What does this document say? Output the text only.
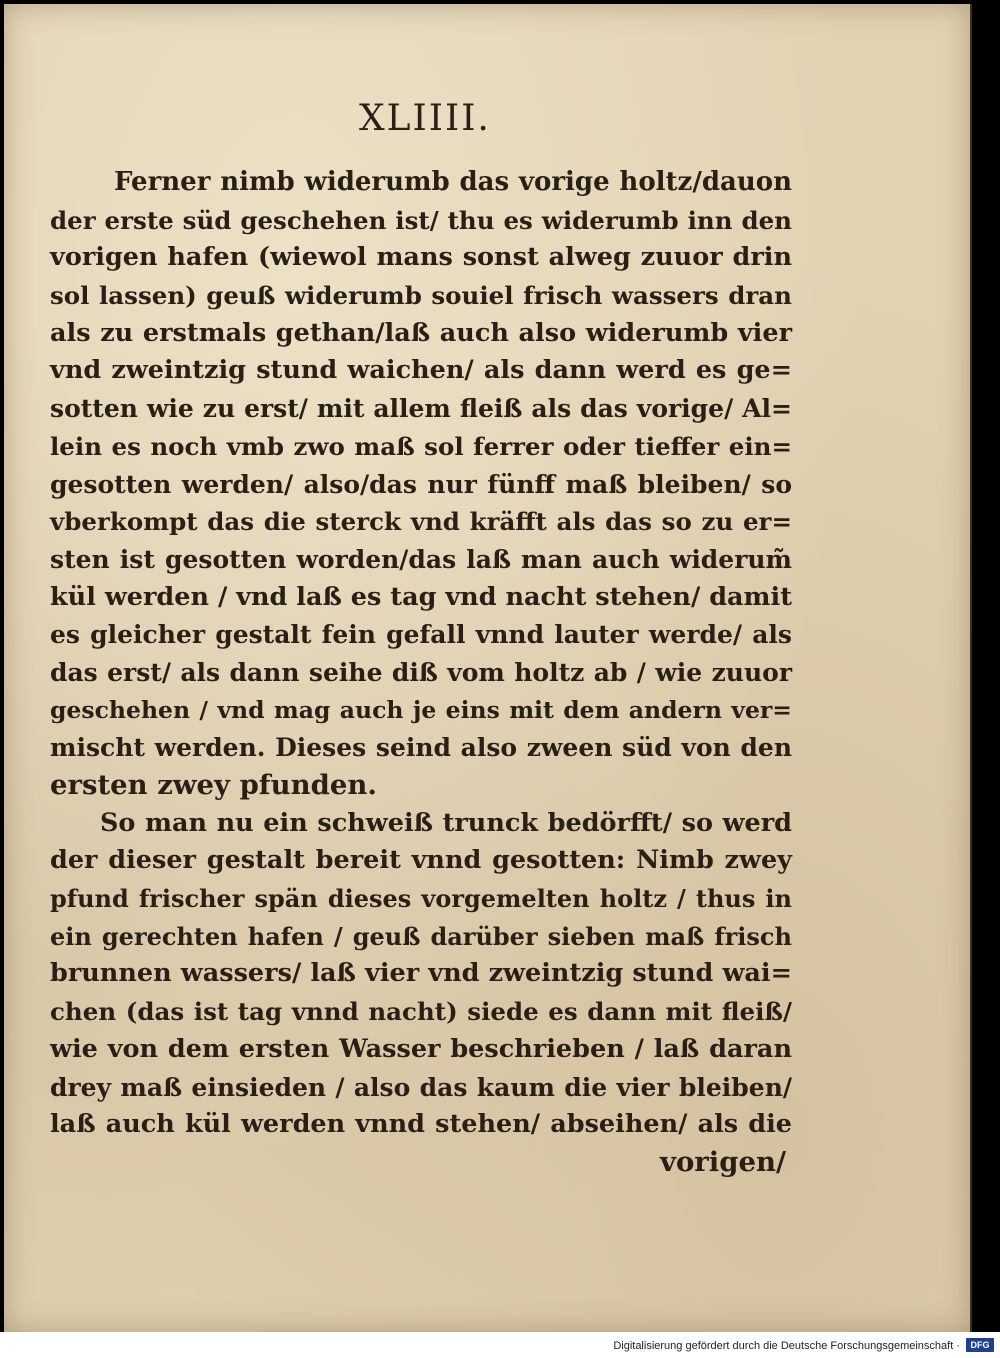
XLIIII.
Ferner nimb widerumb das vorige holtz/dauon
der erste süd geschehen ist/ thu es widerumb inn den
vorigen hafen (wiewol mans sonst alweg zuuor drin
sol lassen) geuß widerumb souiel frisch wassers dran
als zu erstmals gethan/laß auch also widerumb vier
vnd zweintzig stund waichen/ als dann werd es ge=
sotten wie zu erst/ mit allem fleiß als das vorige/ Al=
lein es noch vmb zwo maß sol ferrer oder tieffer ein=
gesotten werden/ also/das nur fünff maß bleiben/ so
vberkompt das die sterck vnd kräfft als das so zu er=
sten ist gesotten worden/das laß man auch widerum̃
kül werden / vnd laß es tag vnd nacht stehen/ damit
es gleicher gestalt fein gefall vnnd lauter werde/ als
das erst/ als dann seihe diß vom holtz ab / wie zuuor
geschehen / vnd mag auch je eins mit dem andern ver=
mischt werden. Dieses seind also zween süd von den
ersten zwey pfunden.
So man nu ein schweiß trunck bedörfft/ so werd
der dieser gestalt bereit vnnd gesotten: Nimb zwey
pfund frischer spän dieses vorgemelten holtz / thus in
ein gerechten hafen / geuß darüber sieben maß frisch
brunnen wassers/ laß vier vnd zweintzig stund wai=
chen (das ist tag vnnd nacht) siede es dann mit fleiß/
wie von dem ersten Wasser beschrieben / laß daran
drey maß einsieden / also das kaum die vier bleiben/
laß auch kül werden vnnd stehen/ abseihen/ als die
vorigen/
Digitalisierung gefördert durch die Deutsche Forschungsgemeinschaft ·	DFG
